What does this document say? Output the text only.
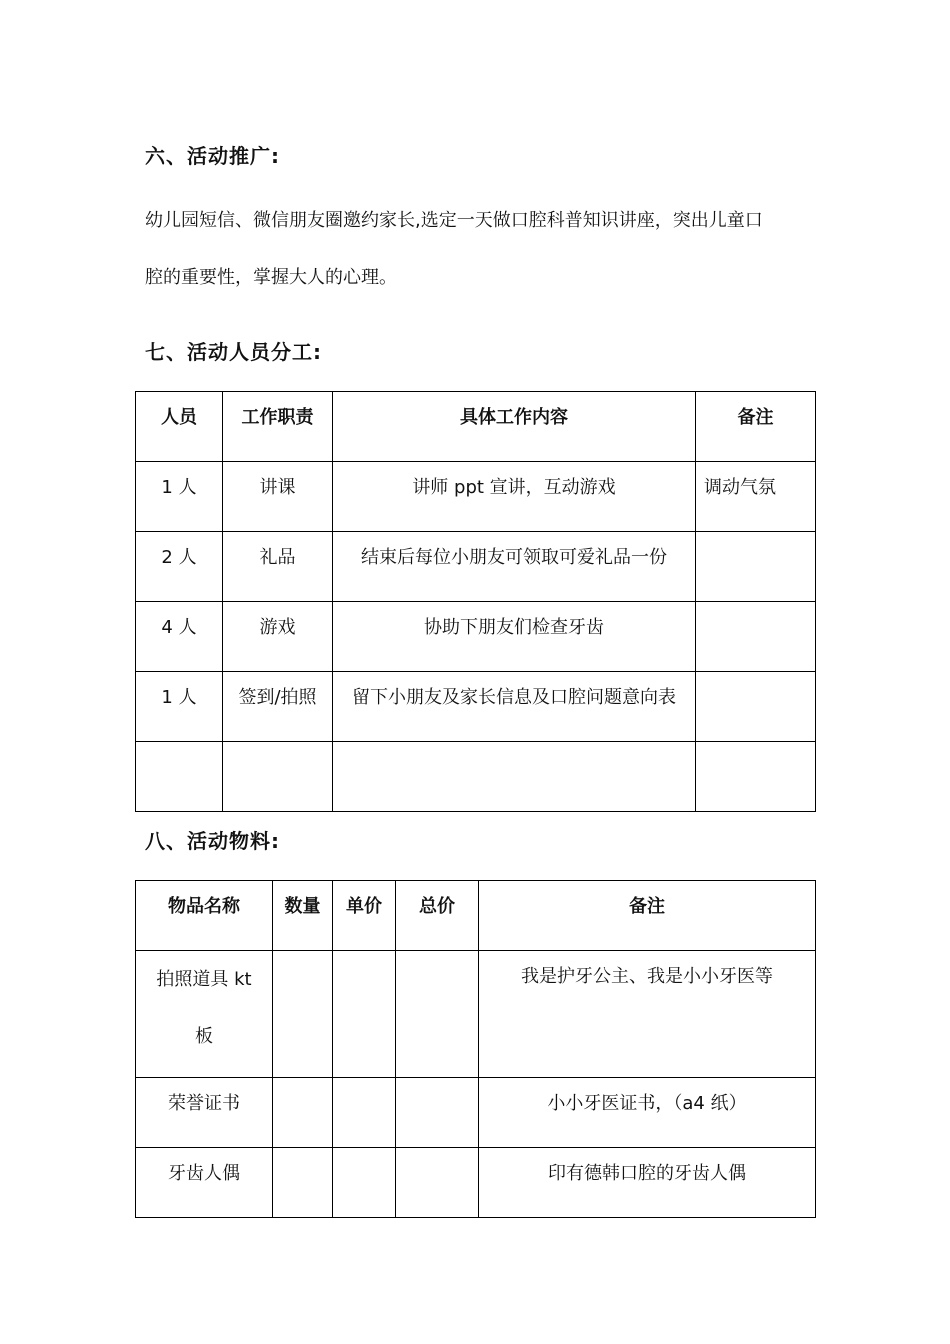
六、活动推广:
幼儿园短信、微信朋友圈邀约家长,选定一天做口腔科普知识讲座，突出儿童口
腔的重要性，掌握大人的心理。
七、活动人员分工:
人员	工作职责	具体工作内容	备注

1 人	讲课	讲师 ppt 宣讲，互动游戏	调动气氛

2 人	礼品	结束后每位小朋友可领取可爱礼品一份	

4 人	游戏	协助下朋友们检查牙齿	

1 人	签到/拍照	留下小朋友及家长信息及口腔问题意向表	

八、活动物料:
物品名称	数量	单价	总价	备注

拍照道具 kt 板				我是护牙公主、我是小小牙医等

荣誉证书				小小牙医证书，（a4 纸）

牙齿人偶				印有德韩口腔的牙齿人偶
